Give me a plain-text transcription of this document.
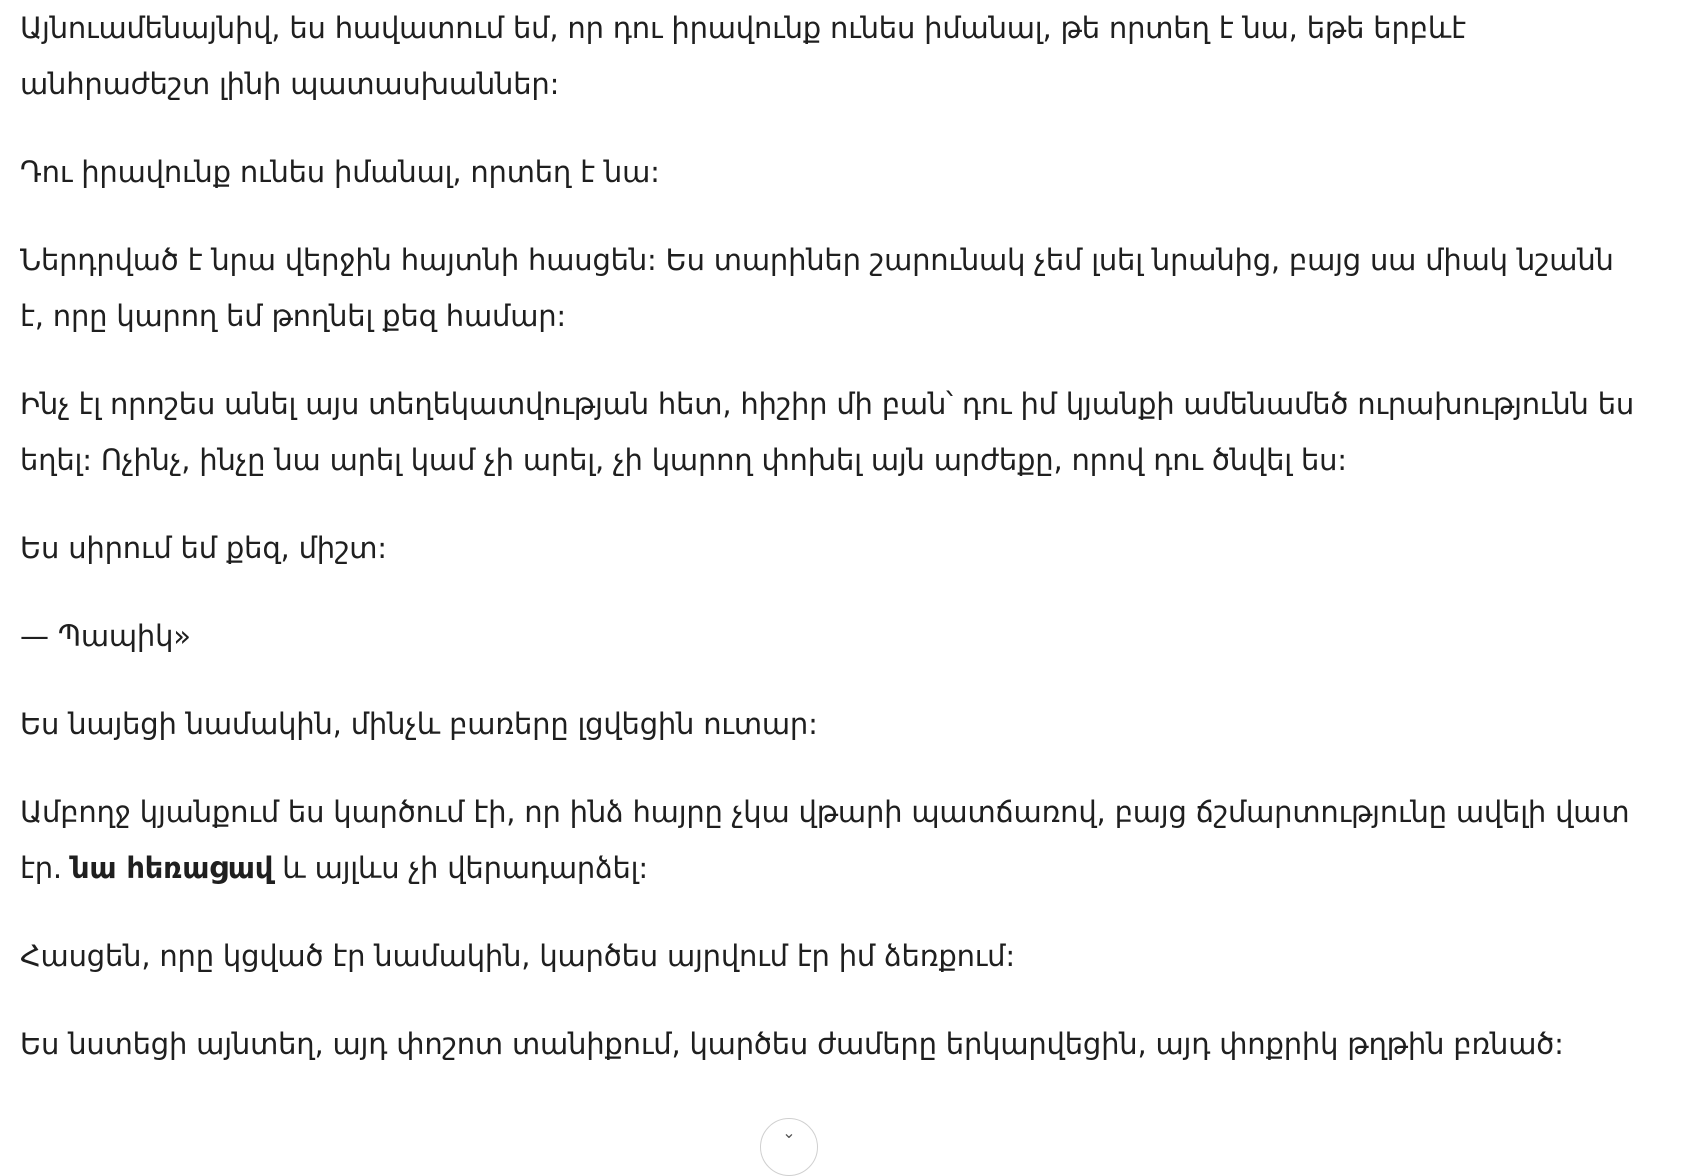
Այնուամենայնիվ, ես հավատում եմ, որ դու իրավունք ունես իմանալ, թե որտեղ է նա, եթե երբևէ անհրաժեշտ լինի պատասխաններ:

Դու իրավունք ունես իմանալ, որտեղ է նա:

Ներդրված է նրա վերջին հայտնի հասցեն: Ես տարիներ շարունակ չեմ լսել նրանից, բայց սա միակ նշանն է, որը կարող եմ թողնել քեզ համար:

Ինչ էլ որոշես անել այս տեղեկատվության հետ, հիշիր մի բան՝ դու իմ կյանքի ամենամեծ ուրախությունն ես եղել: Ոչինչ, ինչը նա արել կամ չի արել, չի կարող փոխել այն արժեքը, որով դու ծնվել ես:

Ես սիրում եմ քեզ, միշտ:

— Պապիկ»

Ես նայեցի նամակին, մինչև բառերը լցվեցին ուտար:

Ամբողջ կյանքում ես կարծում էի, որ ինձ հայրը չկա վթարի պատճառով, բայց ճշմարտությունը ավելի վատ էր. նա հեռացավ և այլևս չի վերադարձել:

Հասցեն, որը կցված էր նամակին, կարծես այրվում էր իմ ձեռքում:

Ես նստեցի այնտեղ, այդ փոշոտ տանիքում, կարծես ժամերը երկարվեցին, այդ փոքրիկ թղթին բռնած:

⌄
